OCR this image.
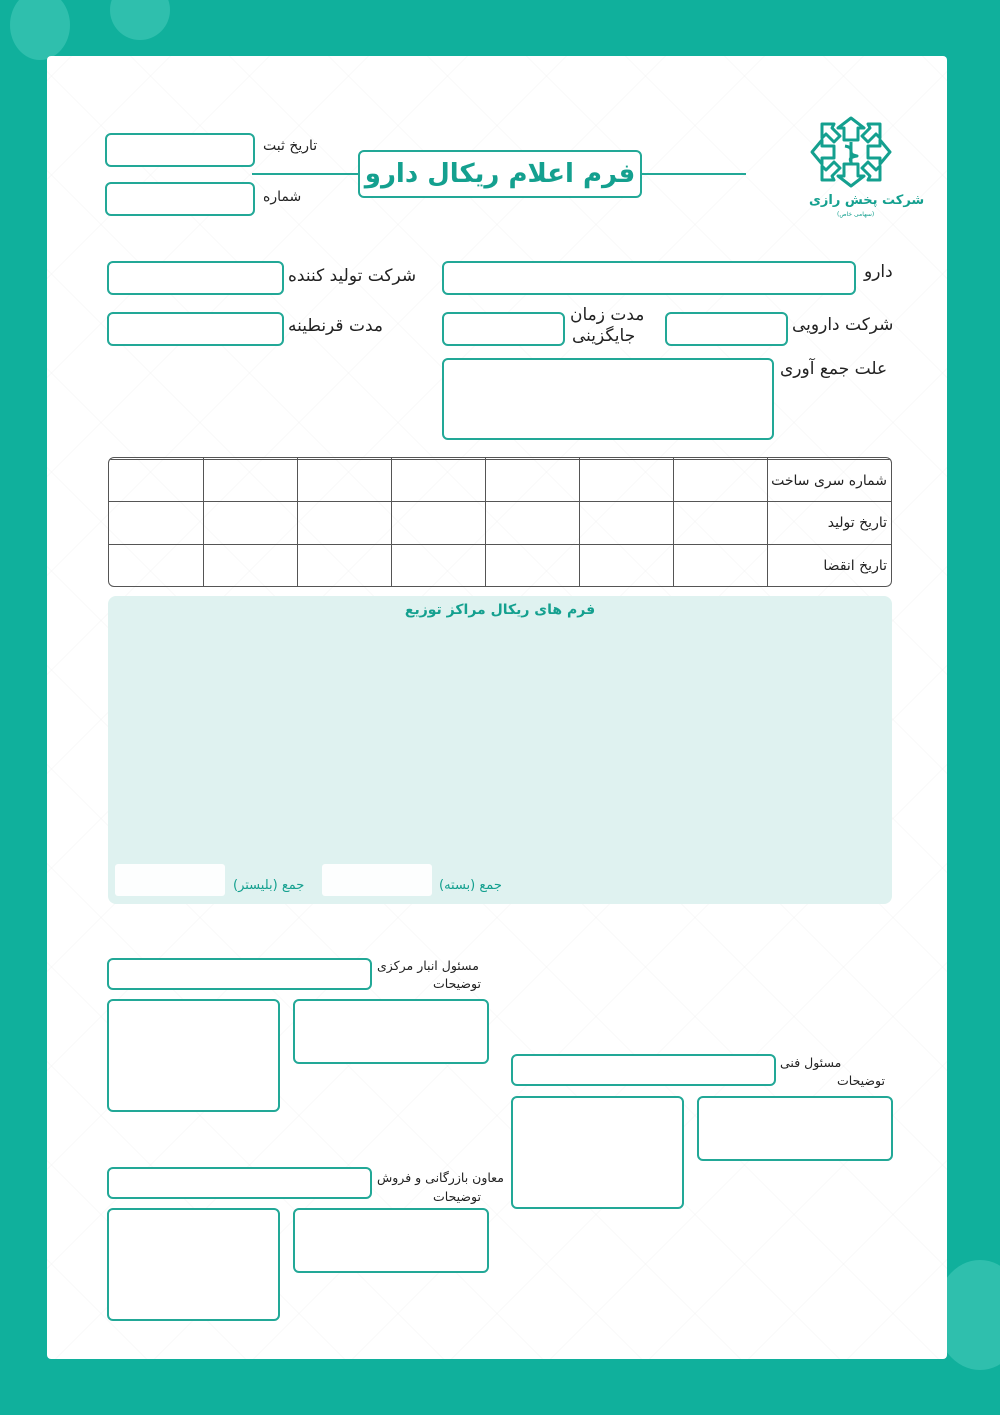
شرکت پخش رازی
(سهامی خاص)
فرم اعلام ریکال دارو
تاریخ ثبت
شماره
دارو
شرکت تولید کننده
شرکت دارویی
مدت زمان
جایگزینی
مدت قرنطینه
علت جمع آوری

							شماره سری ساخت
							تاریخ تولید
							تاریخ انقضا
فرم های ریکال مراکز توزیع
جمع (بسته)
جمع (بلیستر)
مسئول انبار مرکزی
توضیحات
مسئول فنی
توضیحات
معاون بازرگانی و فروش
توضیحات
